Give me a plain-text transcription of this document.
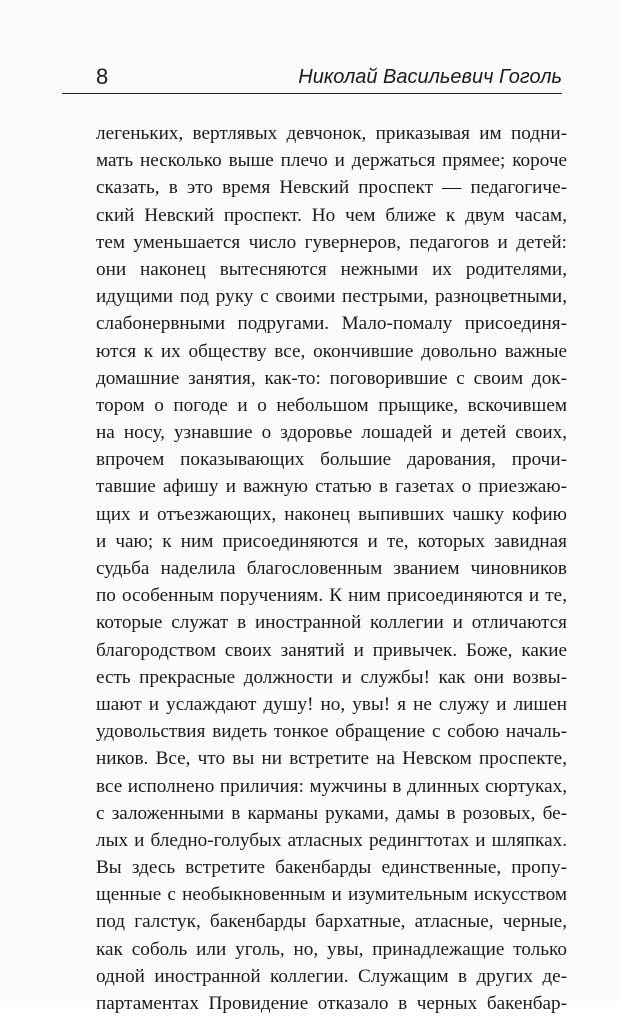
8	Николай Васильевич Гоголь
легеньких, вертлявых девчонок, приказывая им подни-
мать несколько выше плечо и держаться прямее; короче
сказать, в это время Невский проспект — педагогиче-
ский Невский проспект. Но чем ближе к двум часам,
тем уменьшается число гувернеров, педагогов и детей:
они наконец вытесняются нежными их родителями,
идущими под руку с своими пестрыми, разноцветными,
слабонервными подругами. Мало-помалу присоединя-
ются к их обществу все, окончившие довольно важные
домашние занятия, как-то: поговорившие с своим док-
тором о погоде и о небольшом прыщике, вскочившем
на носу, узнавшие о здоровье лошадей и детей своих,
впрочем показывающих большие дарования, прочи-
тавшие афишу и важную статью в газетах о приезжаю-
щих и отъезжающих, наконец выпивших чашку кофию
и чаю; к ним присоединяются и те, которых завидная
судьба наделила благословенным званием чиновников
по особенным поручениям. К ним присоединяются и те,
которые служат в иностранной коллегии и отличаются
благородством своих занятий и привычек. Боже, какие
есть прекрасные должности и службы! как они возвы-
шают и услаждают душу! но, увы! я не служу и лишен
удовольствия видеть тонкое обращение с собою началь-
ников. Все, что вы ни встретите на Невском проспекте,
все исполнено приличия: мужчины в длинных сюртуках,
с заложенными в карманы руками, дамы в розовых, бе-
лых и бледно-голубых атласных редингтотах и шляпках.
Вы здесь встретите бакенбарды единственные, пропу-
щенные с необыкновенным и изумительным искусством
под галстук, бакенбарды бархатные, атласные, черные,
как соболь или уголь, но, увы, принадлежащие только
одной иностранной коллегии. Служащим в других де-
партаментах Провидение отказало в черных бакенбар-
